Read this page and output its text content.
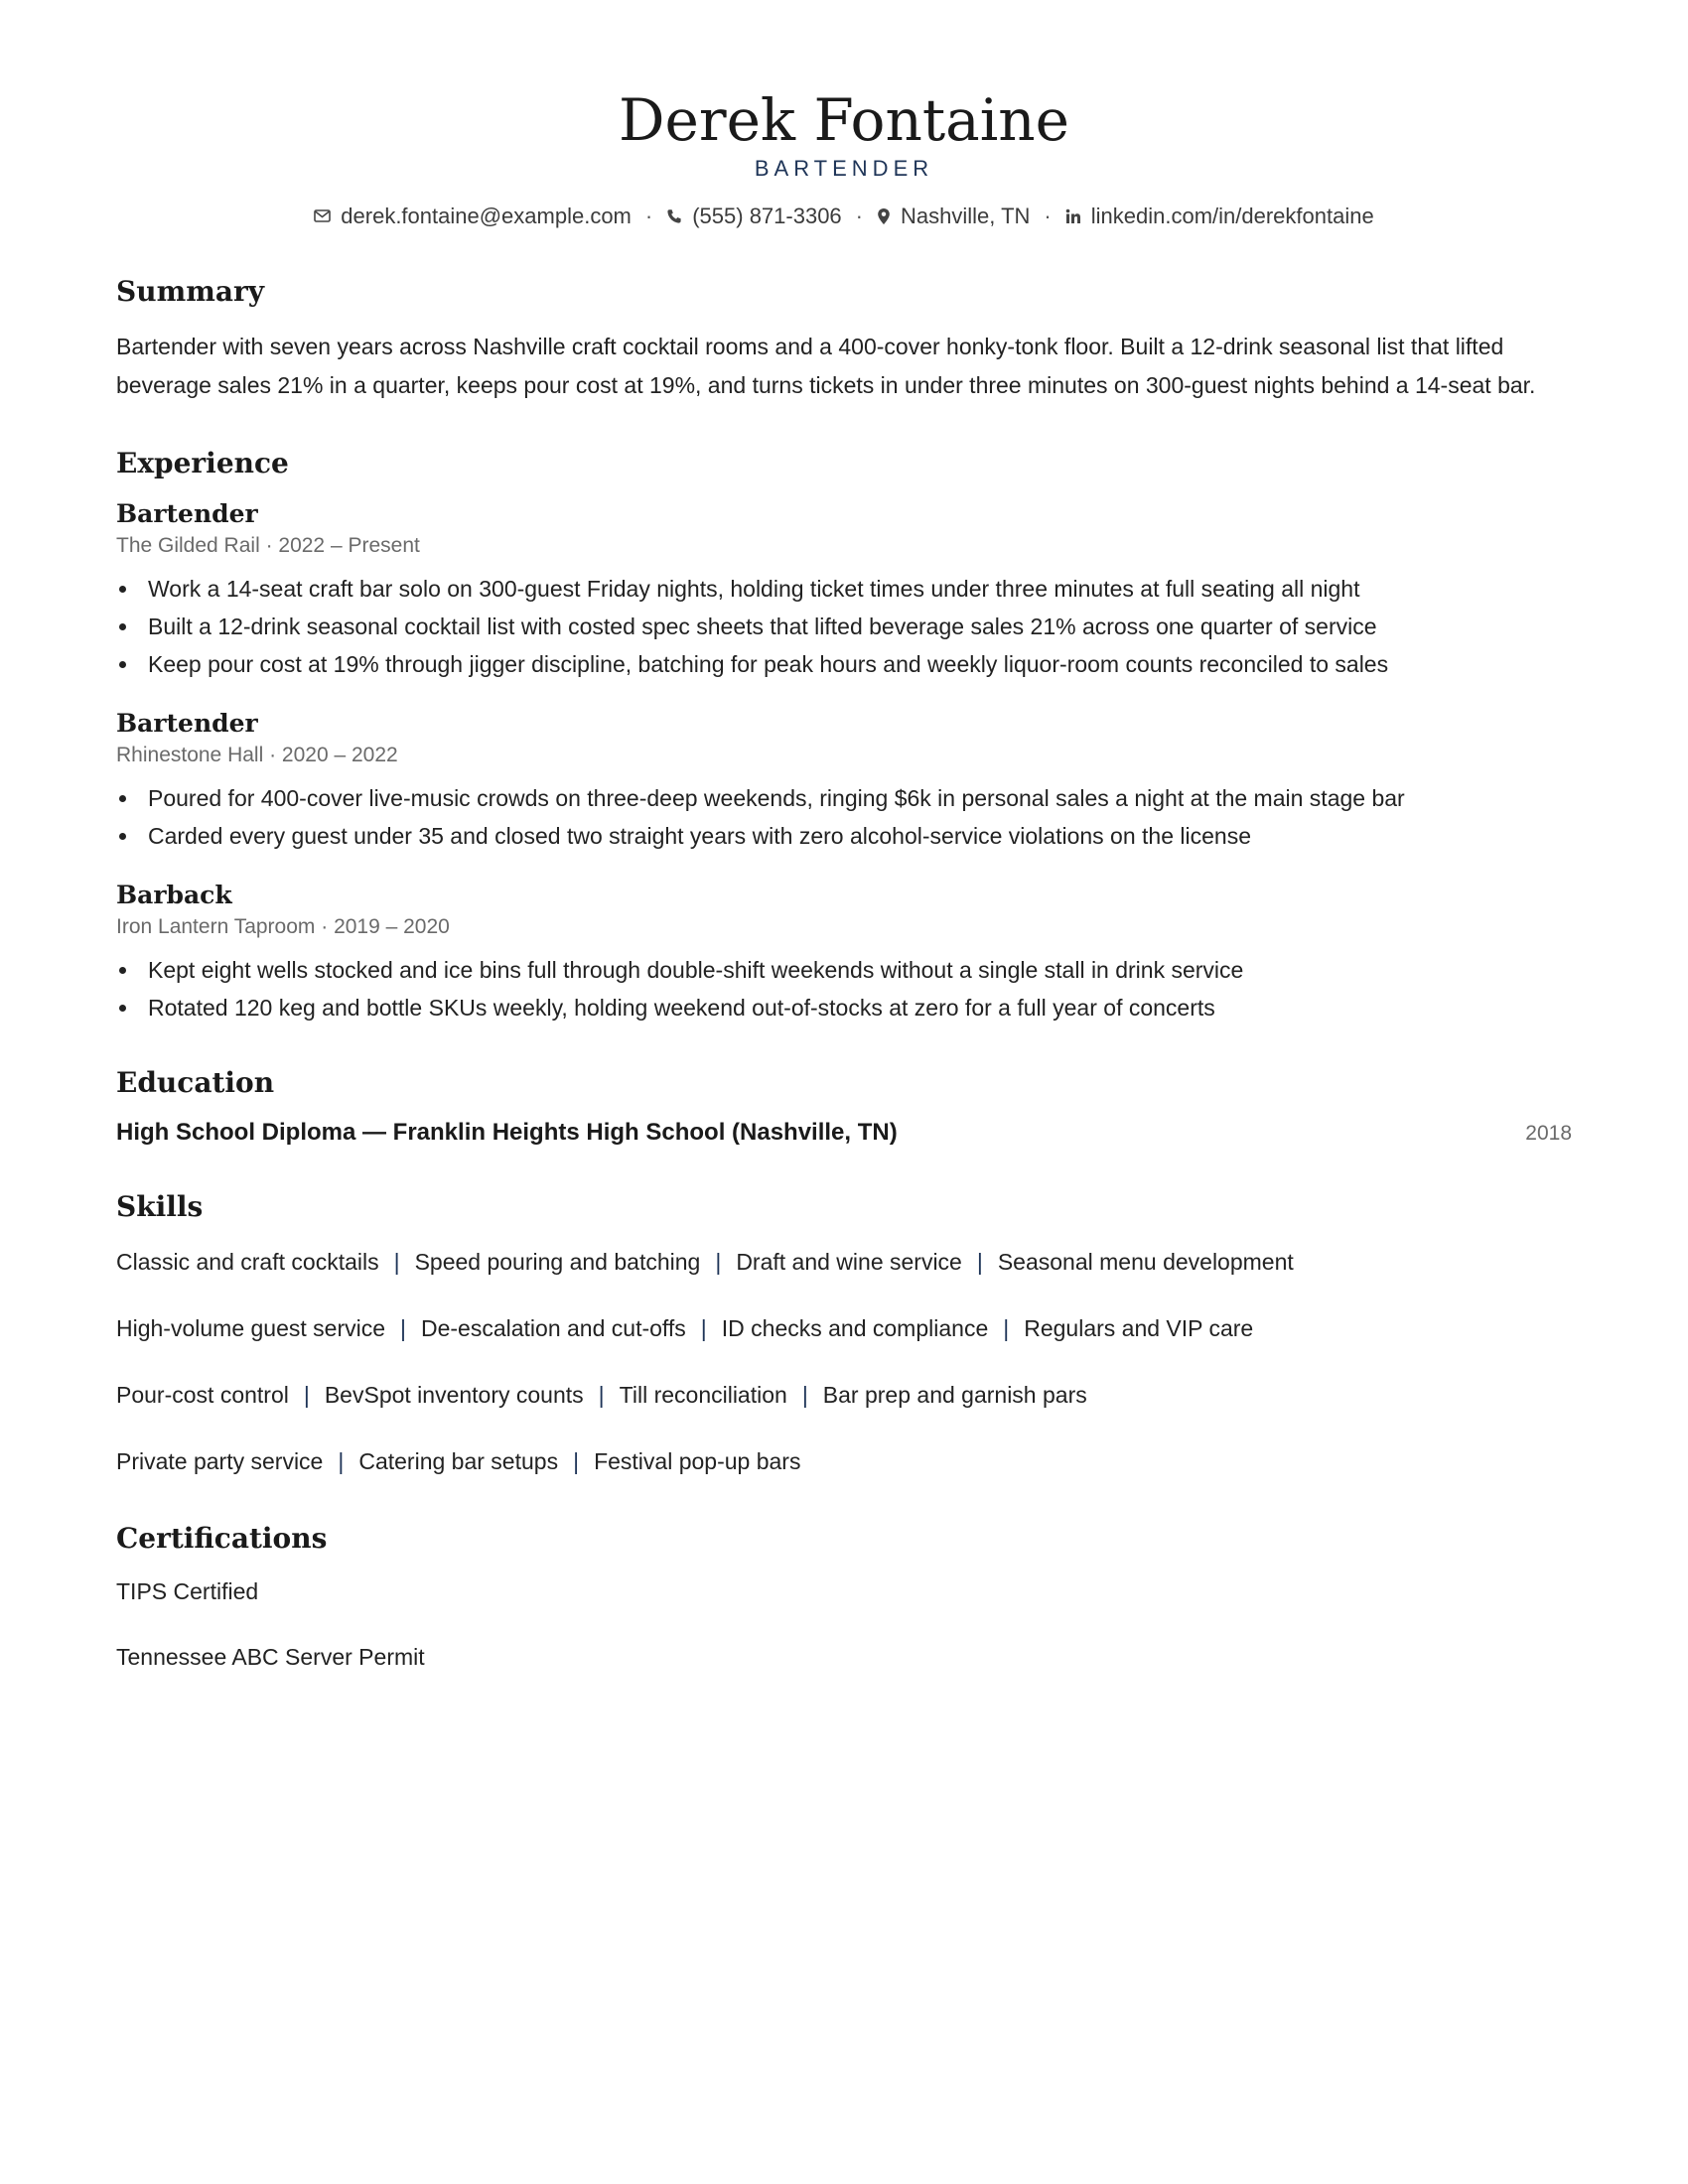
Derek Fontaine
BARTENDER
derek.fontaine@example.com · (555) 871-3306 · Nashville, TN · linkedin.com/in/derekfontaine
Summary

Bartender with seven years across Nashville craft cocktail rooms and a 400-cover honky-tonk floor. Built a 12-drink seasonal list that lifted beverage sales 21% in a quarter, keeps pour cost at 19%, and turns tickets in under three minutes on 300-guest nights behind a 14-seat bar.

Experience
Bartender
The Gilded Rail · 2022 – Present
Work a 14-seat craft bar solo on 300-guest Friday nights, holding ticket times under three minutes at full seating all night
Built a 12-drink seasonal cocktail list with costed spec sheets that lifted beverage sales 21% across one quarter of service
Keep pour cost at 19% through jigger discipline, batching for peak hours and weekly liquor-room counts reconciled to sales
Bartender
Rhinestone Hall · 2020 – 2022
Poured for 400-cover live-music crowds on three-deep weekends, ringing $6k in personal sales a night at the main stage bar
Carded every guest under 35 and closed two straight years with zero alcohol-service violations on the license
Barback
Iron Lantern Taproom · 2019 – 2020
Kept eight wells stocked and ice bins full through double-shift weekends without a single stall in drink service
Rotated 120 keg and bottle SKUs weekly, holding weekend out-of-stocks at zero for a full year of concerts
Education
High School Diploma — Franklin Heights High School (Nashville, TN)	2018
Skills
Classic and craft cocktails | Speed pouring and batching | Draft and wine service | Seasonal menu development
High-volume guest service | De-escalation and cut-offs | ID checks and compliance | Regulars and VIP care
Pour-cost control | BevSpot inventory counts | Till reconciliation | Bar prep and garnish pars
Private party service | Catering bar setups | Festival pop-up bars
Certifications
TIPS Certified
Tennessee ABC Server Permit
